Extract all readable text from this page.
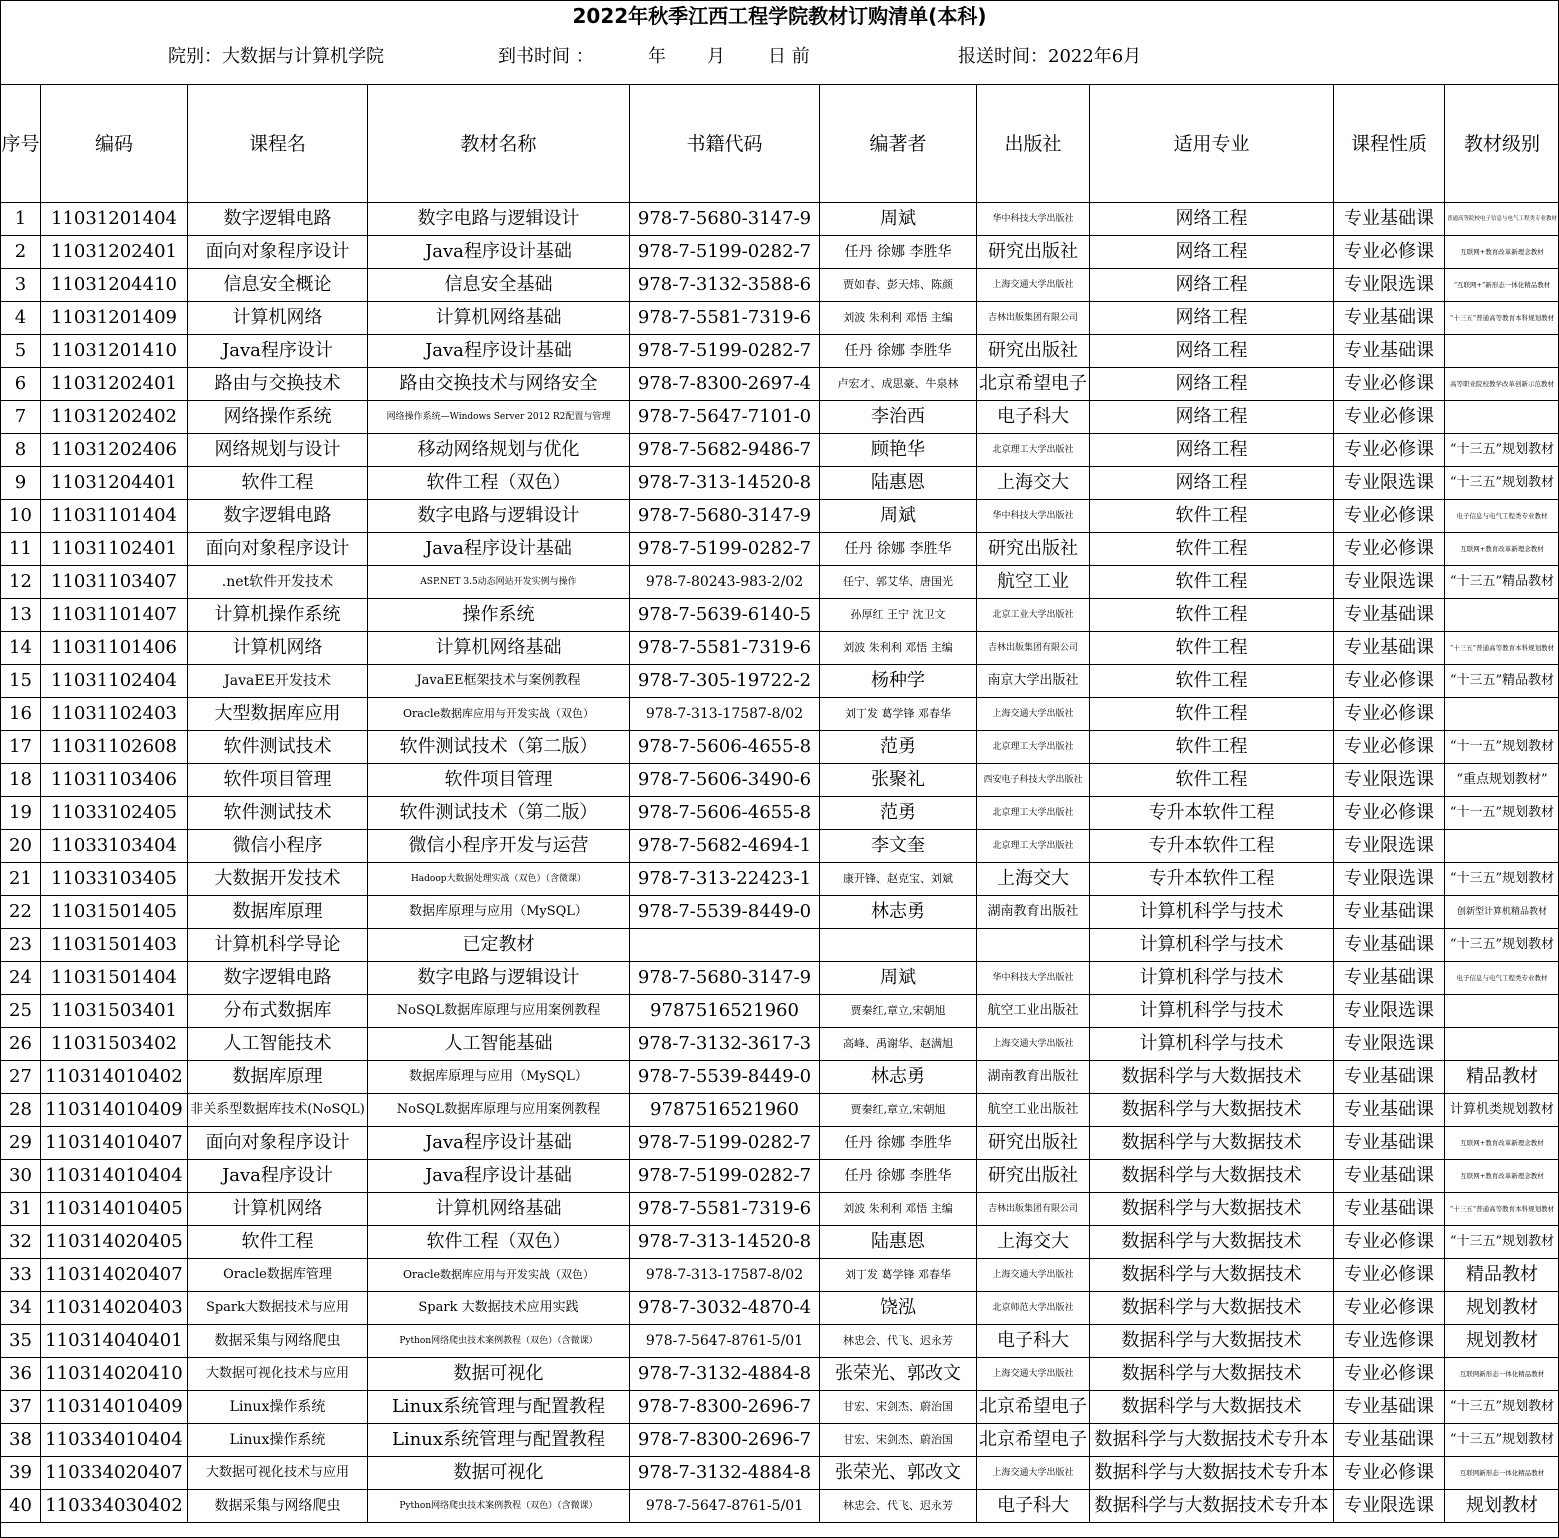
2022年秋季江西工程学院教材订购清单(本科)
院别：大数据与计算机学院	到书时间 ：	年 月 日 前	报送时间：2022年6月
序号	编码	课程名	教材名称	书籍代码	编著者	出版社	适用专业	课程性质	教材级别
1	11031201404	数字逻辑电路	数字电路与逻辑设计	978-7-5680-3147-9	周斌	华中科技大学出版社	网络工程	专业基础课	普通高等院校电子信息与电气工程类专业教材
2	11031202401	面向对象程序设计	Java程序设计基础	978-7-5199-0282-7	任丹 徐娜 李胜华	研究出版社	网络工程	专业必修课	互联网+教育改革新理念教材
3	11031204410	信息安全概论	信息安全基础	978-7-3132-3588-6	贾如春、彭天炜、陈颜	上海交通大学出版社	网络工程	专业限选课	“互联网+”新形态一体化精品教材
4	11031201409	计算机网络	计算机网络基础	978-7-5581-7319-6	刘波 朱利利 邓悟 主编	吉林出版集团有限公司	网络工程	专业基础课	“十三五”普通高等教育本科规划教材
5	11031201410	Java程序设计	Java程序设计基础	978-7-5199-0282-7	任丹 徐娜 李胜华	研究出版社	网络工程	专业基础课	
6	11031202401	路由与交换技术	路由交换技术与网络安全	978-7-8300-2697-4	卢宏才、成思豪、牛泉林	北京希望电子	网络工程	专业必修课	高等职业院校教学改革创新示范教材
7	11031202402	网络操作系统	网络操作系统—Windows Server 2012 R2配置与管理	978-7-5647-7101-0	李治西	电子科大	网络工程	专业必修课	
8	11031202406	网络规划与设计	移动网络规划与优化	978-7-5682-9486-7	顾艳华	北京理工大学出版社	网络工程	专业必修课	“十三五”规划教材
9	11031204401	软件工程	软件工程（双色）	978-7-313-14520-8	陆惠恩	上海交大	网络工程	专业限选课	“十三五”规划教材
10	11031101404	数字逻辑电路	数字电路与逻辑设计	978-7-5680-3147-9	周斌	华中科技大学出版社	软件工程	专业必修课	电子信息与电气工程类专业教材
11	11031102401	面向对象程序设计	Java程序设计基础	978-7-5199-0282-7	任丹 徐娜 李胜华	研究出版社	软件工程	专业必修课	互联网+教育改革新理念教材
12	11031103407	.net软件开发技术	ASP.NET 3.5动态网站开发实例与操作	978-7-80243-983-2/02	任宁、郭艾华、唐国光	航空工业	软件工程	专业限选课	“十三五”精品教材
13	11031101407	计算机操作系统	操作系统	978-7-5639-6140-5	孙厚红 王宁 沈卫文	北京工业大学出版社	软件工程	专业基础课	
14	11031101406	计算机网络	计算机网络基础	978-7-5581-7319-6	刘波 朱利利 邓悟 主编	吉林出版集团有限公司	软件工程	专业基础课	“十三五”普通高等教育本科规划教材
15	11031102404	JavaEE开发技术	JavaEE框架技术与案例教程	978-7-305-19722-2	杨种学	南京大学出版社	软件工程	专业必修课	“十三五”精品教材
16	11031102403	大型数据库应用	Oracle数据库应用与开发实战（双色）	978-7-313-17587-8/02	刘丁发 葛学锋 邓春华	上海交通大学出版社	软件工程	专业必修课	
17	11031102608	软件测试技术	软件测试技术（第二版）	978-7-5606-4655-8	范勇	北京理工大学出版社	软件工程	专业必修课	“十一五”规划教材
18	11031103406	软件项目管理	软件项目管理	978-7-5606-3490-6	张聚礼	西安电子科技大学出版社	软件工程	专业限选课	“重点规划教材”
19	11033102405	软件测试技术	软件测试技术（第二版）	978-7-5606-4655-8	范勇	北京理工大学出版社	专升本软件工程	专业必修课	“十一五”规划教材
20	11033103404	微信小程序	微信小程序开发与运营	978-7-5682-4694-1	李文奎	北京理工大学出版社	专升本软件工程	专业限选课	
21	11033103405	大数据开发技术	Hadoop大数据处理实战（双色）（含微课）	978-7-313-22423-1	康开锋、赵克宝、刘斌	上海交大	专升本软件工程	专业限选课	“十三五”规划教材
22	11031501405	数据库原理	数据库原理与应用（MySQL）	978-7-5539-8449-0	林志勇	湖南教育出版社	计算机科学与技术	专业基础课	创新型计算机精品教材
23	11031501403	计算机科学导论	已定教材				计算机科学与技术	专业基础课	“十三五”规划教材
24	11031501404	数字逻辑电路	数字电路与逻辑设计	978-7-5680-3147-9	周斌	华中科技大学出版社	计算机科学与技术	专业基础课	电子信息与电气工程类专业教材
25	11031503401	分布式数据库	NoSQL数据库原理与应用案例教程	9787516521960	贾秦红,章立,宋朝旭	航空工业出版社	计算机科学与技术	专业限选课	
26	11031503402	人工智能技术	人工智能基础	978-7-3132-3617-3	高峰、禹谢华、赵满旭	上海交通大学出版社	计算机科学与技术	专业限选课	
27	110314010402	数据库原理	数据库原理与应用（MySQL）	978-7-5539-8449-0	林志勇	湖南教育出版社	数据科学与大数据技术	专业基础课	精品教材
28	110314010409	非关系型数据库技术(NoSQL)	NoSQL数据库原理与应用案例教程	9787516521960	贾秦红,章立,宋朝旭	航空工业出版社	数据科学与大数据技术	专业基础课	计算机类规划教材
29	110314010407	面向对象程序设计	Java程序设计基础	978-7-5199-0282-7	任丹 徐娜 李胜华	研究出版社	数据科学与大数据技术	专业基础课	互联网+教育改革新理念教材
30	110314010404	Java程序设计	Java程序设计基础	978-7-5199-0282-7	任丹 徐娜 李胜华	研究出版社	数据科学与大数据技术	专业基础课	互联网+教育改革新理念教材
31	110314010405	计算机网络	计算机网络基础	978-7-5581-7319-6	刘波 朱利利 邓悟 主编	吉林出版集团有限公司	数据科学与大数据技术	专业基础课	“十三五”普通高等教育本科规划教材
32	110314020405	软件工程	软件工程（双色）	978-7-313-14520-8	陆惠恩	上海交大	数据科学与大数据技术	专业必修课	“十三五”规划教材
33	110314020407	Oracle数据库管理	Oracle数据库应用与开发实战（双色）	978-7-313-17587-8/02	刘丁发 葛学锋 邓春华	上海交通大学出版社	数据科学与大数据技术	专业必修课	精品教材
34	110314020403	Spark大数据技术与应用	Spark 大数据技术应用实践	978-7-3032-4870-4	饶泓	北京师范大学出版社	数据科学与大数据技术	专业必修课	规划教材
35	110314040401	数据采集与网络爬虫	Python网络爬虫技术案例教程（双色）（含微课）	978-7-5647-8761-5/01	林忠会、代飞、迟永芳	电子科大	数据科学与大数据技术	专业选修课	规划教材
36	110314020410	大数据可视化技术与应用	数据可视化	978-7-3132-4884-8	张荣光、郭改文	上海交通大学出版社	数据科学与大数据技术	专业必修课	互联网新形态一体化精品教材
37	110314010409	Linux操作系统	Linux系统管理与配置教程	978-7-8300-2696-7	甘宏、宋剑杰、蔚治国	北京希望电子	数据科学与大数据技术	专业基础课	“十三五”规划教材
38	110334010404	Linux操作系统	Linux系统管理与配置教程	978-7-8300-2696-7	甘宏、宋剑杰、蔚治国	北京希望电子	数据科学与大数据技术专升本	专业基础课	“十三五”规划教材
39	110334020407	大数据可视化技术与应用	数据可视化	978-7-3132-4884-8	张荣光、郭改文	上海交通大学出版社	数据科学与大数据技术专升本	专业必修课	互联网新形态一体化精品教材
40	110334030402	数据采集与网络爬虫	Python网络爬虫技术案例教程（双色）（含微课）	978-7-5647-8761-5/01	林忠会、代飞、迟永芳	电子科大	数据科学与大数据技术专升本	专业限选课	规划教材
